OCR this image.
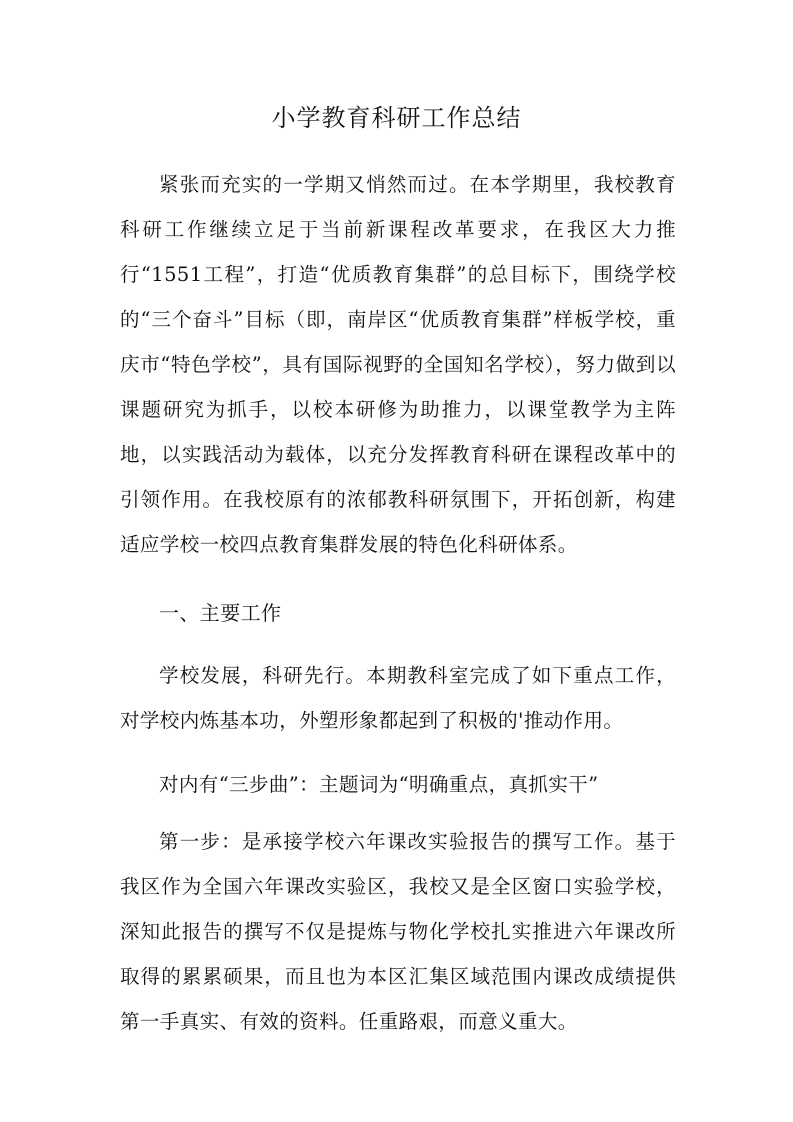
小学教育科研工作总结

紧张而充实的一学期又悄然而过。在本学期里，我校教育科研工作继续立足于当前新课程改革要求，在我区大力推行“1551工程”，打造“优质教育集群”的总目标下，围绕学校的“三个奋斗”目标（即，南岸区“优质教育集群”样板学校，重庆市“特色学校”，具有国际视野的全国知名学校），努力做到以课题研究为抓手，以校本研修为助推力，以课堂教学为主阵地，以实践活动为载体，以充分发挥教育科研在课程改革中的引领作用。在我校原有的浓郁教科研氛围下，开拓创新，构建适应学校一校四点教育集群发展的特色化科研体系。

一、主要工作

学校发展，科研先行。本期教科室完成了如下重点工作，对学校内炼基本功，外塑形象都起到了积极的'推动作用。

对内有“三步曲”：主题词为“明确重点，真抓实干”

第一步：是承接学校六年课改实验报告的撰写工作。基于我区作为全国六年课改实验区，我校又是全区窗口实验学校，深知此报告的撰写不仅是提炼与物化学校扎实推进六年课改所取得的累累硕果，而且也为本区汇集区域范围内课改成绩提供第一手真实、有效的资料。任重路艰，而意义重大。
